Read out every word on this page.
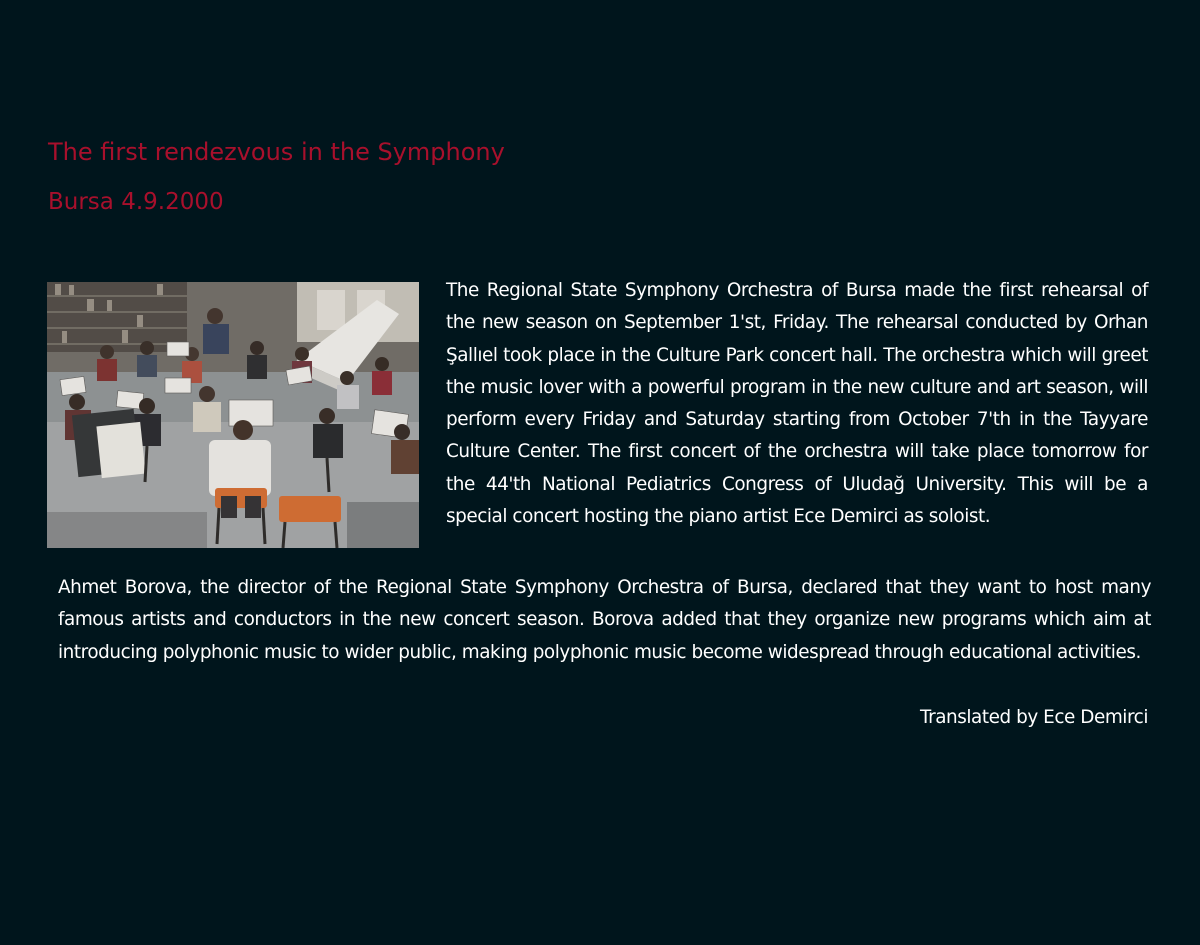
The first rendezvous in the Symphony
Bursa 4.9.2000

The Regional State Symphony Orchestra of Bursa made the first rehearsal of the new season on September 1'st, Friday. The rehearsal conducted by Orhan Şallıel took place in the Culture Park concert hall. The orchestra which will greet the music lover with a powerful program in the new culture and art season, will perform every Friday and Saturday starting from October 7'th in the Tayyare Culture Center. The first concert of the orchestra will take place tomorrow for the 44'th National Pediatrics Congress of Uludağ University. This will be a special concert hosting the piano artist Ece Demirci as soloist.

Ahmet Borova, the director of the Regional State Symphony Orchestra of Bursa, declared that they want to host many famous artists and conductors in the new concert season. Borova added that they organize new programs which aim at introducing polyphonic music to wider public, making polyphonic music become widespread through educational activities.

Translated by Ece Demirci
